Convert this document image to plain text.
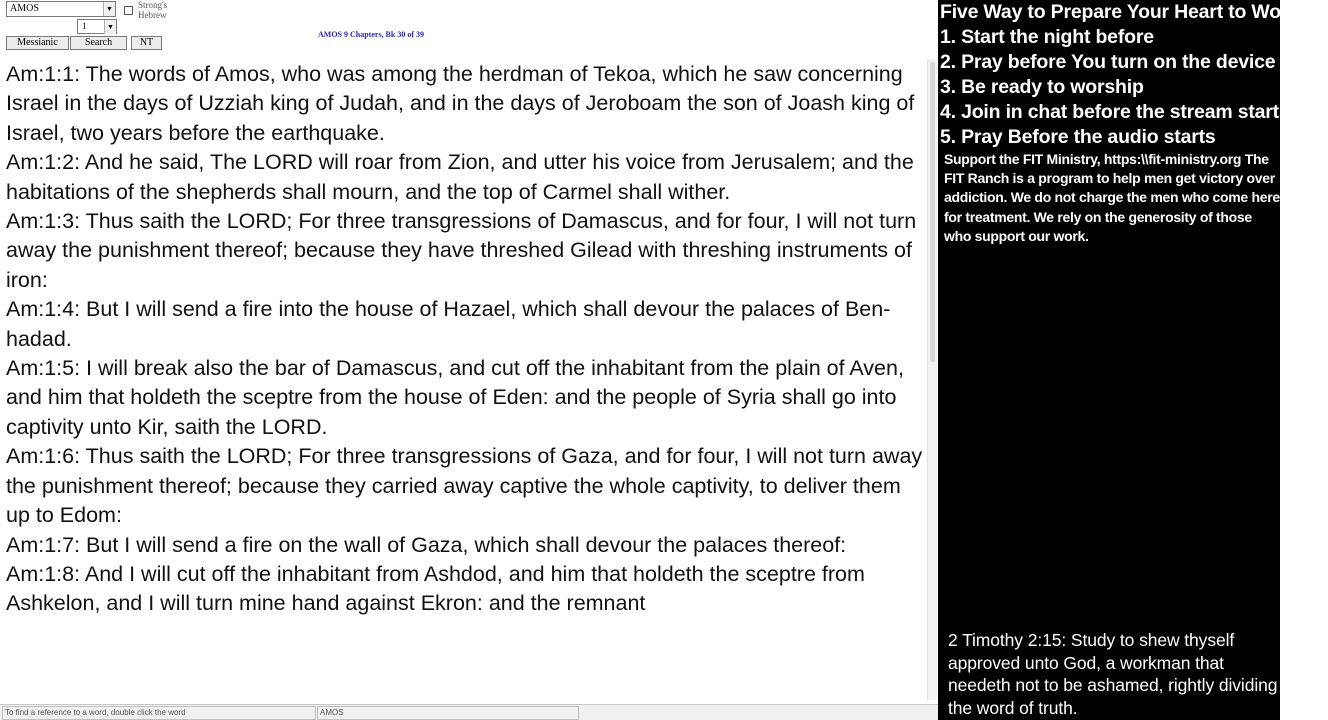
AMOS	▼	Strong's Hebrew
1	▼
Messianic	Search	NT
AMOS 9 Chapters, Bk 30 of 39
Am:1:1: The words of Amos, who was among the herdman of Tekoa, which he saw concerning Israel in the days of Uzziah king of Judah, and in the days of Jeroboam the son of Joash king of Israel, two years before the earthquake.
Am:1:2: And he said, The LORD will roar from Zion, and utter his voice from Jerusalem; and the habitations of the shepherds shall mourn, and the top of Carmel shall wither.
Am:1:3: Thus saith the LORD; For three transgressions of Damascus, and for four, I will not turn away the punishment thereof; because they have threshed Gilead with threshing instruments of iron:
Am:1:4: But I will send a fire into the house of Hazael, which shall devour the palaces of Ben-hadad.
Am:1:5: I will break also the bar of Damascus, and cut off the inhabitant from the plain of Aven, and him that holdeth the sceptre from the house of Eden: and the people of Syria shall go into captivity unto Kir, saith the LORD.
Am:1:6: Thus saith the LORD; For three transgressions of Gaza, and for four, I will not turn away the punishment thereof; because they carried away captive the whole captivity, to deliver them up to Edom:
Am:1:7: But I will send a fire on the wall of Gaza, which shall devour the palaces thereof:
Am:1:8: And I will cut off the inhabitant from Ashdod, and him that holdeth the sceptre from Ashkelon, and I will turn mine hand against Ekron: and the remnant
To find a reference to a word, double click the word	AMOS
Five Way to Prepare Your Heart to Worship
1. Start the night before
2. Pray before You turn on the device
3. Be ready to worship
4. Join in chat before the stream starts
5. Pray Before the audio starts
Support the FIT Ministry, https:\\fit-ministry.org The FIT Ranch is a program to help men get victory over addiction. We do not charge the men who come here for treatment. We rely on the generosity of those who support our work.
2 Timothy 2:15: Study to shew thyself approved unto God, a workman that needeth not to be ashamed, rightly dividing the word of truth.
